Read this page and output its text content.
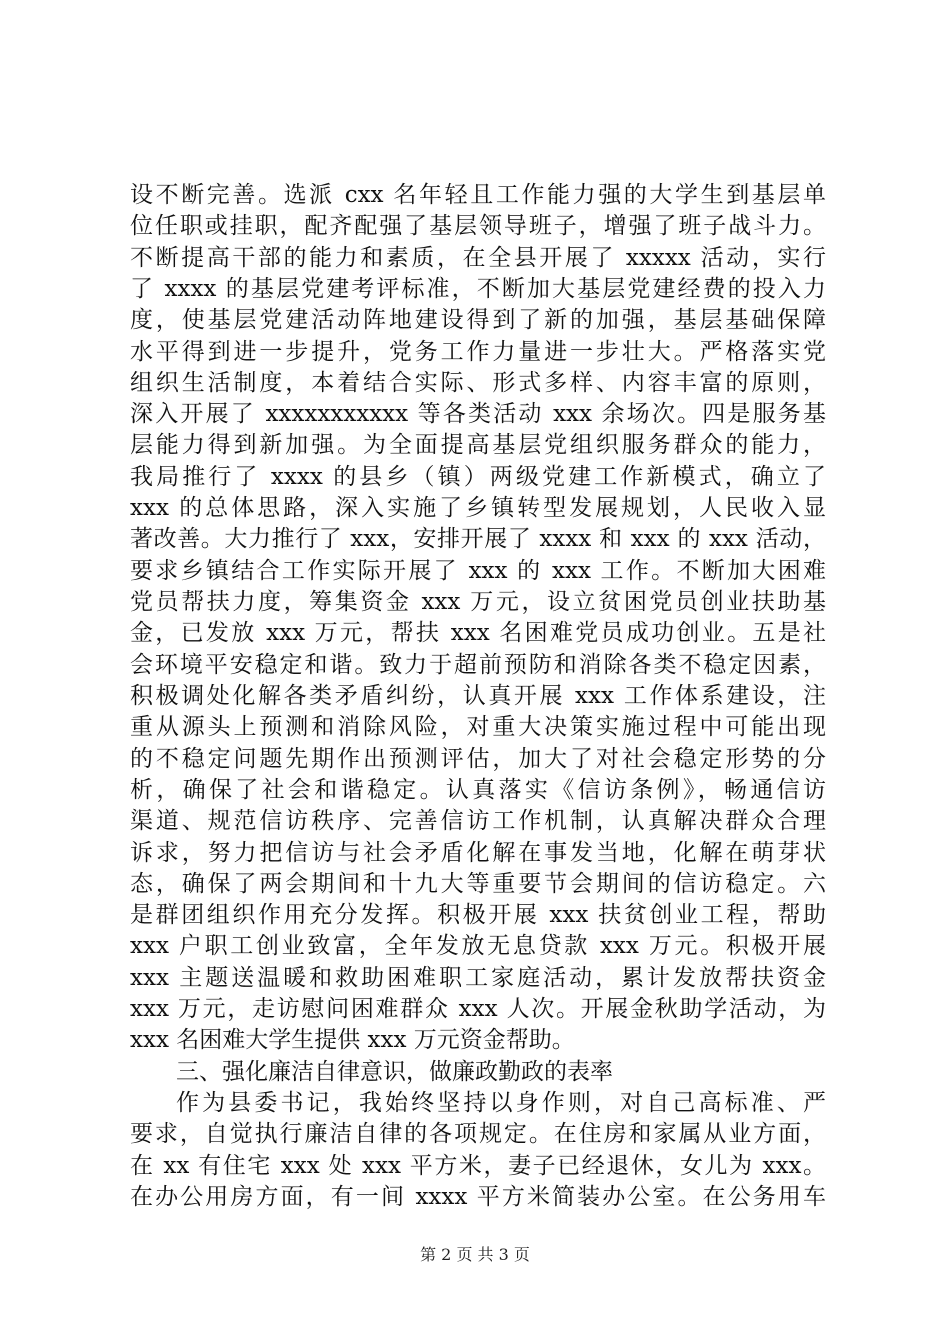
设不断完善。选派 cxx 名年轻且工作能力强的大学生到基层单
位任职或挂职，配齐配强了基层领导班子，增强了班子战斗力。
不断提高干部的能力和素质，在全县开展了 xxxxx 活动，实行
了 xxxx 的基层党建考评标准，不断加大基层党建经费的投入力
度，使基层党建活动阵地建设得到了新的加强，基层基础保障
水平得到进一步提升，党务工作力量进一步壮大。严格落实党
组织生活制度，本着结合实际、形式多样、内容丰富的原则，
深入开展了 xxxxxxxxxxx 等各类活动 xxx 余场次。四是服务基
层能力得到新加强。为全面提高基层党组织服务群众的能力，
我局推行了 xxxx 的县乡（镇）两级党建工作新模式，确立了
xxx 的总体思路，深入实施了乡镇转型发展规划，人民收入显
著改善。大力推行了 xxx，安排开展了 xxxx 和 xxx 的 xxx 活动，
要求乡镇结合工作实际开展了 xxx 的 xxx 工作。不断加大困难
党员帮扶力度，筹集资金 xxx 万元，设立贫困党员创业扶助基
金，已发放 xxx 万元，帮扶 xxx 名困难党员成功创业。五是社
会环境平安稳定和谐。致力于超前预防和消除各类不稳定因素，
积极调处化解各类矛盾纠纷，认真开展 xxx 工作体系建设，注
重从源头上预测和消除风险，对重大决策实施过程中可能出现
的不稳定问题先期作出预测评估，加大了对社会稳定形势的分
析，确保了社会和谐稳定。认真落实《信访条例》，畅通信访
渠道、规范信访秩序、完善信访工作机制，认真解决群众合理
诉求，努力把信访与社会矛盾化解在事发当地，化解在萌芽状
态，确保了两会期间和十九大等重要节会期间的信访稳定。六
是群团组织作用充分发挥。积极开展 xxx 扶贫创业工程，帮助
xxx 户职工创业致富，全年发放无息贷款 xxx 万元。积极开展
xxx 主题送温暖和救助困难职工家庭活动，累计发放帮扶资金
xxx 万元，走访慰问困难群众 xxx 人次。开展金秋助学活动，为
xxx 名困难大学生提供 xxx 万元资金帮助。
三、强化廉洁自律意识，做廉政勤政的表率
作为县委书记，我始终坚持以身作则，对自己高标准、严
要求，自觉执行廉洁自律的各项规定。在住房和家属从业方面，
在 xx 有住宅 xxx 处 xxx 平方米，妻子已经退休，女儿为 xxx。
在办公用房方面，有一间 xxxx 平方米简装办公室。在公务用车
第 2 页 共 3 页
